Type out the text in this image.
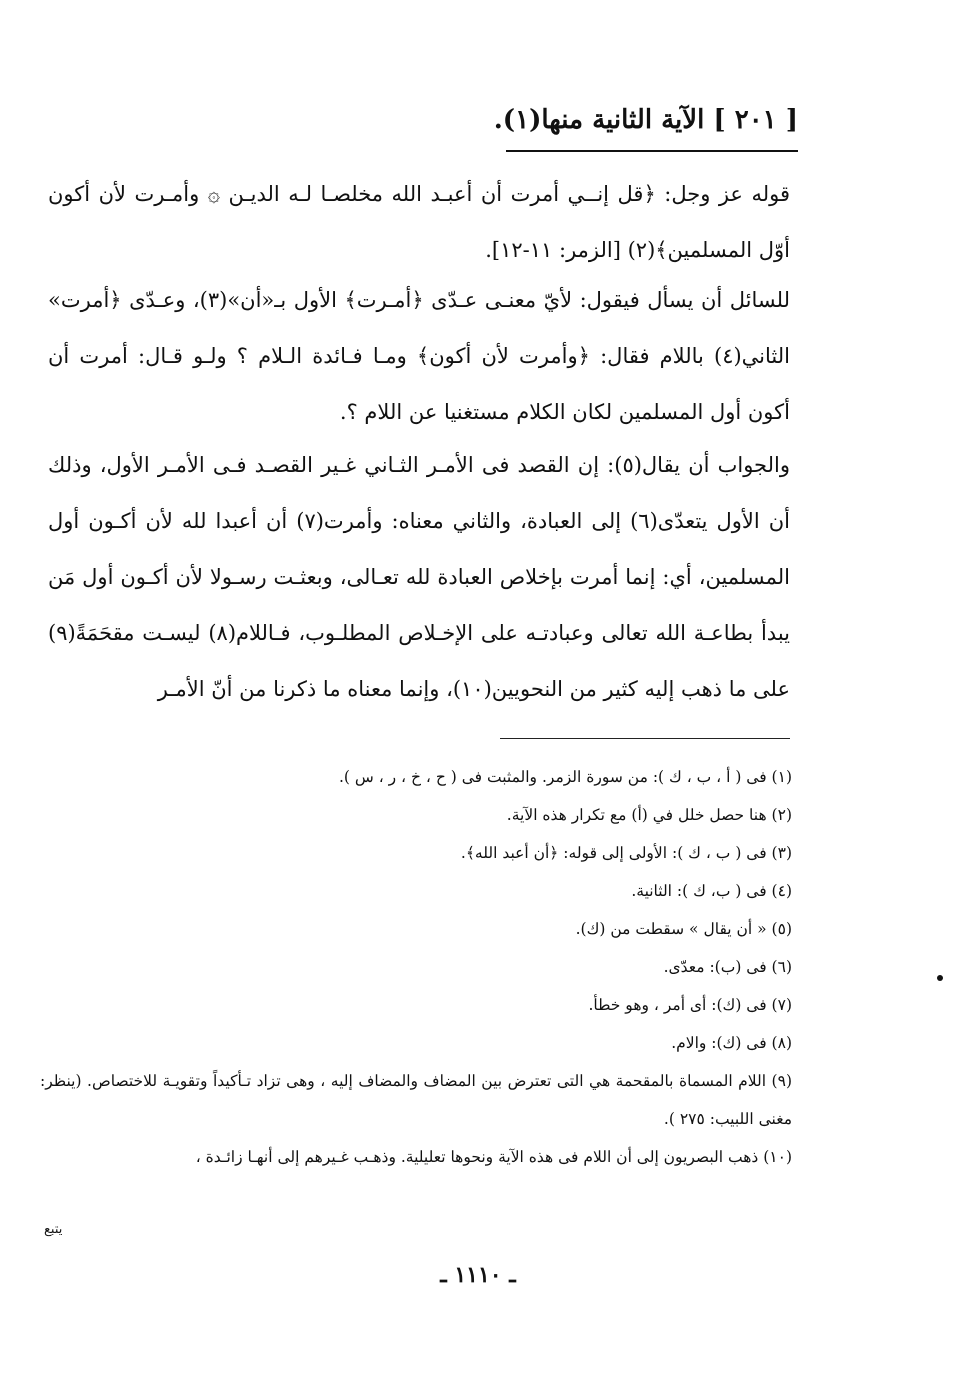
[ ٢٠١ ] الآية الثانية منها(١).
قوله عز وجل: ﴿قل إنــي أمرت أن أعبـد الله مخلصـا لـه الديـن ۞ وأمـرت لأن أكون أوّل المسلمين﴾(٢) [الزمر: ١١-١٢].
للسائل أن يسأل فيقول: لأيّ معنـى عـدّى ﴿أمـرت﴾ الأول بـ«أن»(٣)، وعـدّى ﴿أمرت» الثاني(٤) باللام فقال: ﴿وأمرت لأن أكون﴾ ومـا فـائدة الـلام ؟ ولـو قـال: أمرت أن أكون أول المسلمين لكان الكلام مستغنيا عن اللام ؟.
والجواب أن يقال(٥): إن القصد فى الأمـر الثـاني غـير القصـد فـى الأمـر الأول، وذلك أن الأول يتعدّى(٦) إلى العبادة، والثاني معناه: وأمرت(٧) أن أعبدا لله لأن أكـون أول المسلمين، أي: إنما أمرت بإخلاص العبادة لله تعـالى، وبعثـت رسـولا لأن أكـون أول مَن يبدأ بطاعـة الله تعالى وعبادتـه على الإخـلاص المطلـوب، فـاللام(٨) ليسـت مقحَمَةً(٩) على ما ذهب إليه كثير من النحويين(١٠)، وإنما معناه ما ذكرنا من أنّ الأمـر
(١) فى ( أ ، ب ، ك ): من سورة الزمر. والمثبت فى ( ح ، خ ، ر ، س ).
(٢) هنا حصل خلل في (أ) مع تكرار هذه الآية.
(٣) فى ( ب ، ك ): الأولى إلى قوله: ﴿أن أعبد الله﴾.
(٤) فى ( ب، ك ): الثانية.
(٥) « أن يقال » سقطت من (ك).
(٦) فى (ب): معدّى.
(٧) فى (ك): أى أمر ، وهو خطأ.
(٨) فى (ك): والام.
(٩) اللام المسماة بالمقحمة هي التى تعترض بين المضاف والمضاف إليه ، وهى تزاد تـأكيداً وتقويـة للاختصاص. (ينظر: مغنى اللبيب: ٢٧٥ ).
(١٠) ذهب البصريون إلى أن اللام فى هذه الآية ونحوها تعليلية. وذهـب غـيرهم إلى أنهـا زائـدة ،
يتبع
ـ ١١١٠ ـ
